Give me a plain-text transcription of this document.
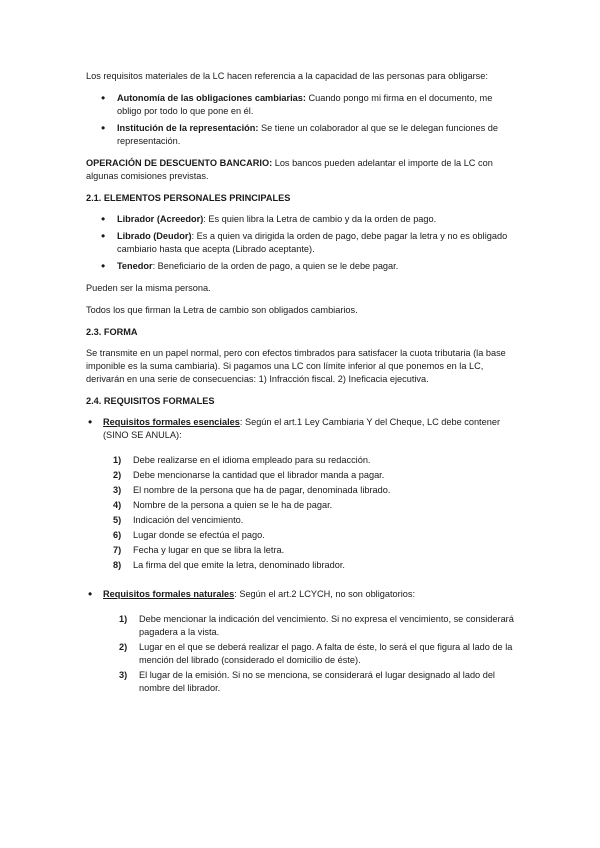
Los requisitos materiales de la LC hacen referencia a la capacidad de las personas para obligarse:

• Autonomía de las obligaciones cambiarias: Cuando pongo mi firma en el documento, me obligo por todo lo que pone en él.
• Institución de la representación: Se tiene un colaborador al que se le delegan funciones de representación.

OPERACIÓN DE DESCUENTO BANCARIO: Los bancos pueden adelantar el importe de la LC con algunas comisiones previstas.

2.1. ELEMENTOS PERSONALES PRINCIPALES
• Librador (Acreedor): Es quien libra la Letra de cambio y da la orden de pago.
• Librado (Deudor): Es a quien va dirigida la orden de pago, debe pagar la letra y no es obligado cambiario hasta que acepta (Librado aceptante).
• Tenedor: Beneficiario de la orden de pago, a quien se le debe pagar.

Pueden ser la misma persona.

Todos los que firman la Letra de cambio son obligados cambiarios.

2.3. FORMA

Se transmite en un papel normal, pero con efectos timbrados para satisfacer la cuota tributaria (la base imponible es la suma cambiaria). Si pagamos una LC con límite inferior al que ponemos en la LC, derivarán en una serie de consecuencias: 1) Infracción fiscal. 2) Ineficacia ejecutiva.

2.4. REQUISITOS FORMALES
• Requisitos formales esenciales: Según el art.1 Ley Cambiaria Y del Cheque, LC debe contener (SINO SE ANULA):
1) Debe realizarse en el idioma empleado para su redacción.
2) Debe mencionarse la cantidad que el librador manda a pagar.
3) El nombre de la persona que ha de pagar, denominada librado.
4) Nombre de la persona a quien se le ha de pagar.
5) Indicación del vencimiento.
6) Lugar donde se efectúa el pago.
7) Fecha y lugar en que se libra la letra.
8) La firma del que emite la letra, denominado librador.
• Requisitos formales naturales: Según el art.2 LCYCH, no son obligatorios:
1) Debe mencionar la indicación del vencimiento. Si no expresa el vencimiento, se considerará pagadera a la vista.
2) Lugar en el que se deberá realizar el pago. A falta de éste, lo será el que figura al lado de la mención del librado (considerado el domicilio de éste).
3) El lugar de la emisión. Si no se menciona, se considerará el lugar designado al lado del nombre del librador.
